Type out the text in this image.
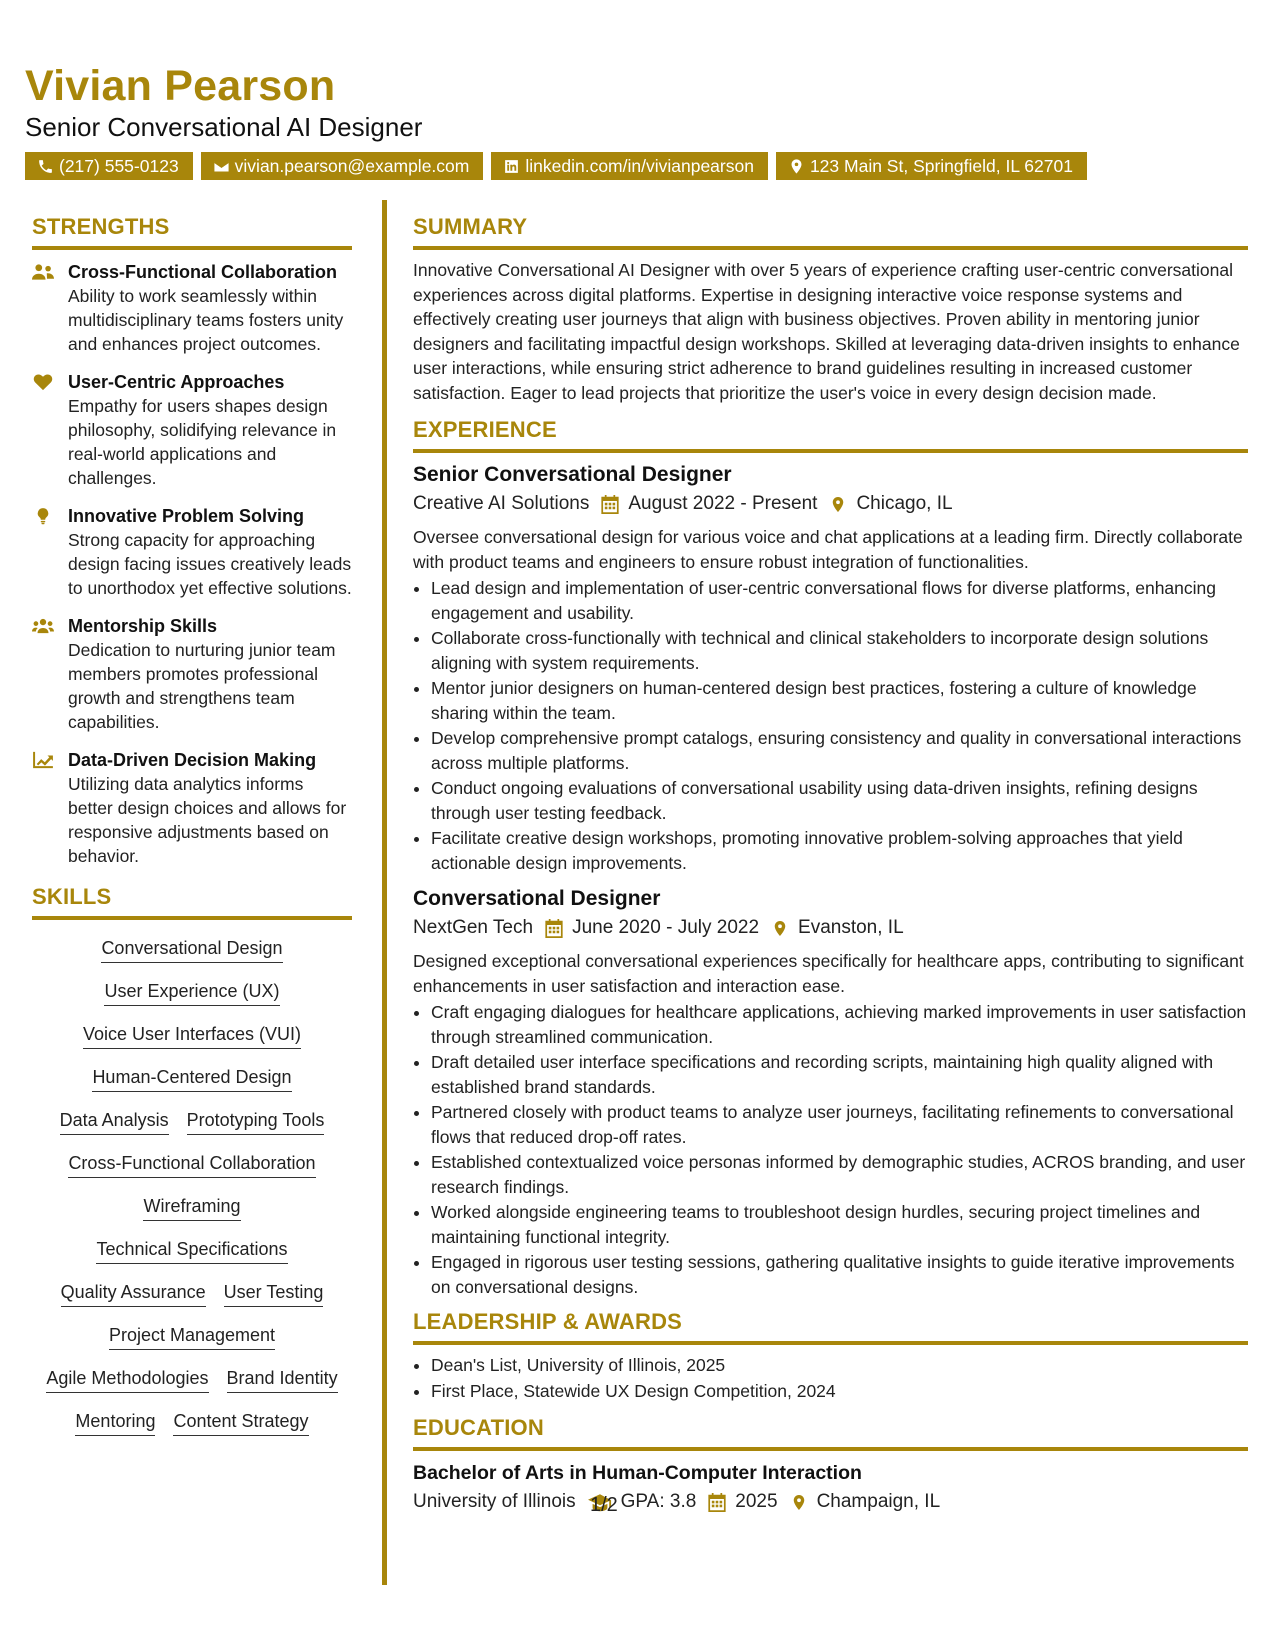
Vivian Pearson
Senior Conversational AI Designer
(217) 555-0123	vivian.pearson@example.com	linkedin.com/in/vivianpearson	123 Main St, Springfield, IL 62701
STRENGTHS
Cross-Functional Collaboration
Ability to work seamlessly within multidisciplinary teams fosters unity and enhances project outcomes.
User-Centric Approaches
Empathy for users shapes design philosophy, solidifying relevance in real-world applications and challenges.
Innovative Problem Solving
Strong capacity for approaching design facing issues creatively leads to unorthodox yet effective solutions.
Mentorship Skills
Dedication to nurturing junior team members promotes professional growth and strengthens team capabilities.
Data-Driven Decision Making
Utilizing data analytics informs better design choices and allows for responsive adjustments based on behavior.
SKILLS
Conversational Design
User Experience (UX)
Voice User Interfaces (VUI)
Human-Centered Design
Data Analysis Prototyping Tools
Cross-Functional Collaboration
Wireframing
Technical Specifications
Quality Assurance User Testing
Project Management
Agile Methodologies Brand Identity
Mentoring Content Strategy
SUMMARY

Innovative Conversational AI Designer with over 5 years of experience crafting user-centric conversational experiences across digital platforms. Expertise in designing interactive voice response systems and effectively creating user journeys that align with business objectives. Proven ability in mentoring junior designers and facilitating impactful design workshops. Skilled at leveraging data-driven insights to enhance user interactions, while ensuring strict adherence to brand guidelines resulting in increased customer satisfaction. Eager to lead projects that prioritize the user's voice in every design decision made.

EXPERIENCE
Senior Conversational Designer
Creative AI Solutions August 2022 - Present Chicago, IL

Oversee conversational design for various voice and chat applications at a leading firm. Directly collaborate with product teams and engineers to ensure robust integration of functionalities.

• Lead design and implementation of user-centric conversational flows for diverse platforms, enhancing engagement and usability.
• Collaborate cross-functionally with technical and clinical stakeholders to incorporate design solutions aligning with system requirements.
• Mentor junior designers on human-centered design best practices, fostering a culture of knowledge sharing within the team.
• Develop comprehensive prompt catalogs, ensuring consistency and quality in conversational interactions across multiple platforms.
• Conduct ongoing evaluations of conversational usability using data-driven insights, refining designs through user testing feedback.
• Facilitate creative design workshops, promoting innovative problem-solving approaches that yield actionable design improvements.
Conversational Designer
NextGen Tech June 2020 - July 2022 Evanston, IL

Designed exceptional conversational experiences specifically for healthcare apps, contributing to significant enhancements in user satisfaction and interaction ease.

• Craft engaging dialogues for healthcare applications, achieving marked improvements in user satisfaction through streamlined communication.
• Draft detailed user interface specifications and recording scripts, maintaining high quality aligned with established brand standards.
• Partnered closely with product teams to analyze user journeys, facilitating refinements to conversational flows that reduced drop-off rates.
• Established contextualized voice personas informed by demographic studies, ACROS branding, and user research findings.
• Worked alongside engineering teams to troubleshoot design hurdles, securing project timelines and maintaining functional integrity.
• Engaged in rigorous user testing sessions, gathering qualitative insights to guide iterative improvements on conversational designs.
LEADERSHIP & AWARDS
• Dean's List, University of Illinois, 2025
• First Place, Statewide UX Design Competition, 2024
EDUCATION
Bachelor of Arts in Human-Computer Interaction
University of Illinois GPA: 3.8 2025 Champaign, IL
1/2
